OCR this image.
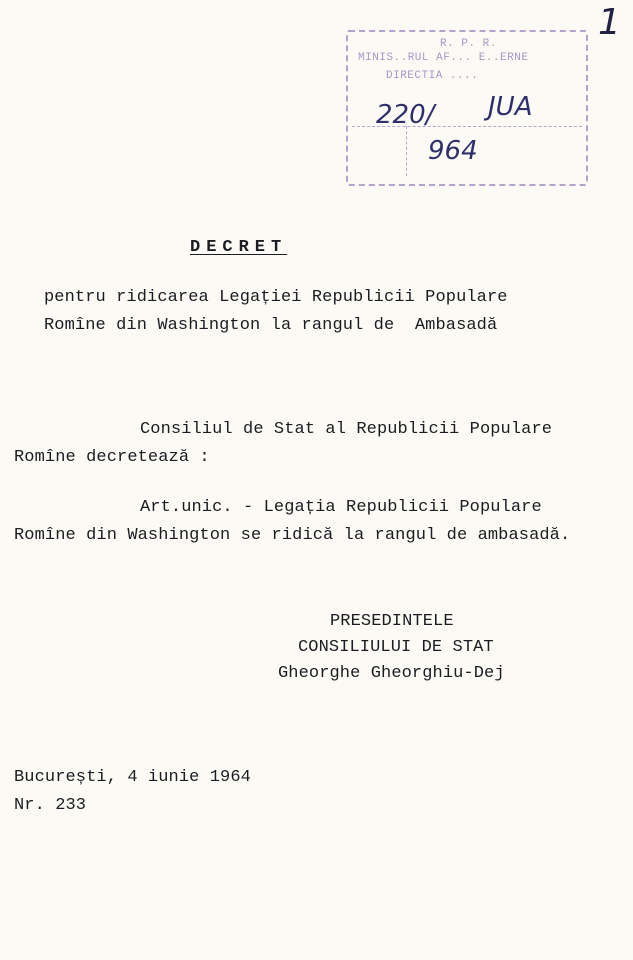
1
R. P. R.
MINIS..RUL AF... E..ERNE
DIRECTIA ....
220/ JUA
964
DECRET
pentru ridicarea Legației Republicii Populare
Romîne din Washington la rangul de  Ambasadă
Consiliul de Stat al Republicii Populare
Romîne decretează :
Art.unic. - Legația Republicii Populare
Romîne din Washington se ridică la rangul de ambasadă.
PRESEDINTELE
CONSILIULUI DE STAT
Gheorghe Gheorghiu-Dej
București, 4 iunie 1964
Nr. 233
